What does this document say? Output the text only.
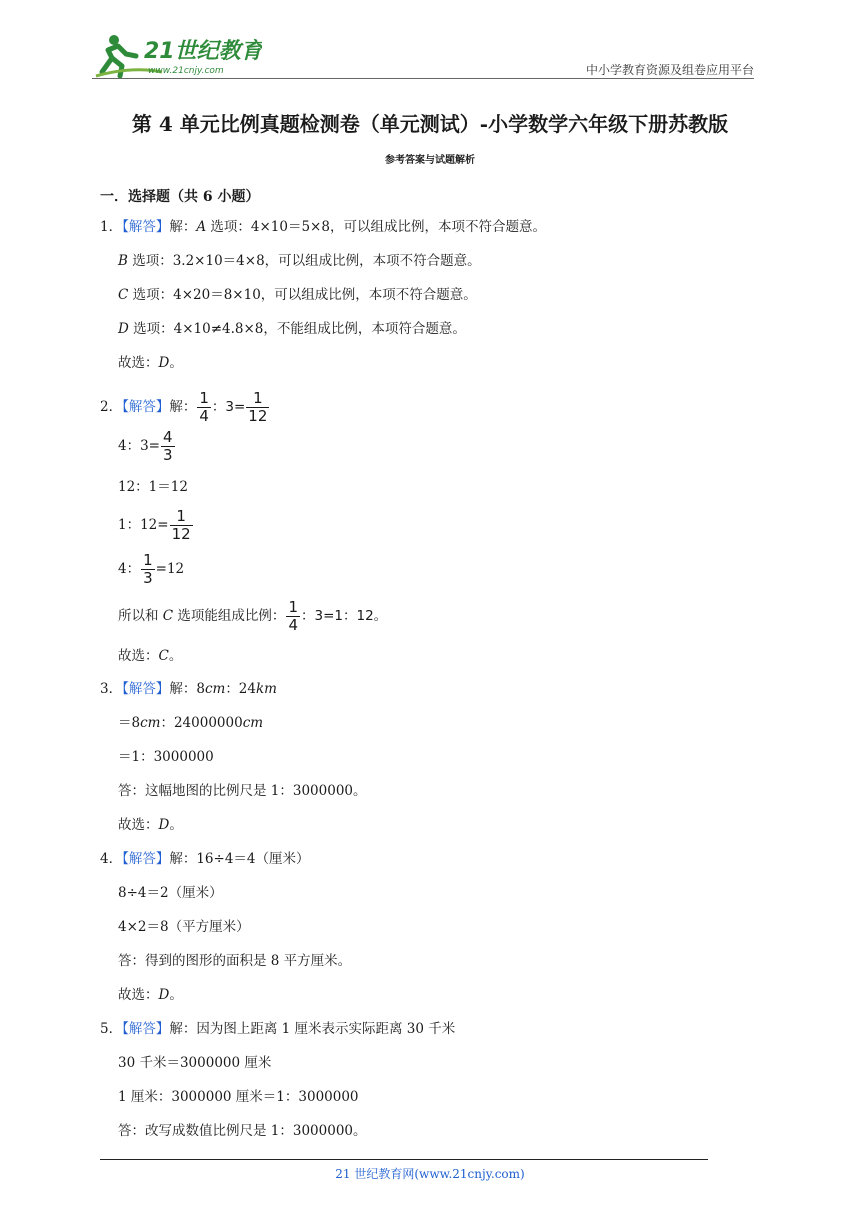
21世纪教育
www.21cnjy.com	中小学教育资源及组卷应用平台
第 4 单元比例真题检测卷（单元测试）-小学数学六年级下册苏教版
参考答案与试题解析
一．选择题（共 6 小题）
1．【解答】解：A 选项：4×10＝5×8，可以组成比例，本项不符合题意。
B 选项：3.2×10＝4×8，可以组成比例，本项不符合题意。
C 选项：4×20＝8×10，可以组成比例，本项不符合题意。
D 选项：4×10≠4.8×8，不能组成比例，本项符合题意。
故选：D。
2．【解答】解： $\frac{1}{4}$ ：$3= \frac{1}{12}$
4：$3= \frac{4}{3}$
12：1＝12
1：$12= \frac{1}{12}$
4： $\frac{1}{3} =12$
所以和 C 选项能组成比例： $\frac{1}{4}$ ：3=1：12。
故选：C。
3．【解答】解：8cm：24km
＝8cm：24000000cm
＝1：3000000
答：这幅地图的比例尺是 1：3000000。
故选：D。
4．【解答】解：16÷4＝4（厘米）
8÷4＝2（厘米）
4×2＝8（平方厘米）
答：得到的图形的面积是 8 平方厘米。
故选：D。
5．【解答】解：因为图上距离 1 厘米表示实际距离 30 千米
30 千米＝3000000 厘米
1 厘米：3000000 厘米＝1：3000000
答：改写成数值比例尺是 1：3000000。
21 世纪教育网(www.21cnjy.com)
